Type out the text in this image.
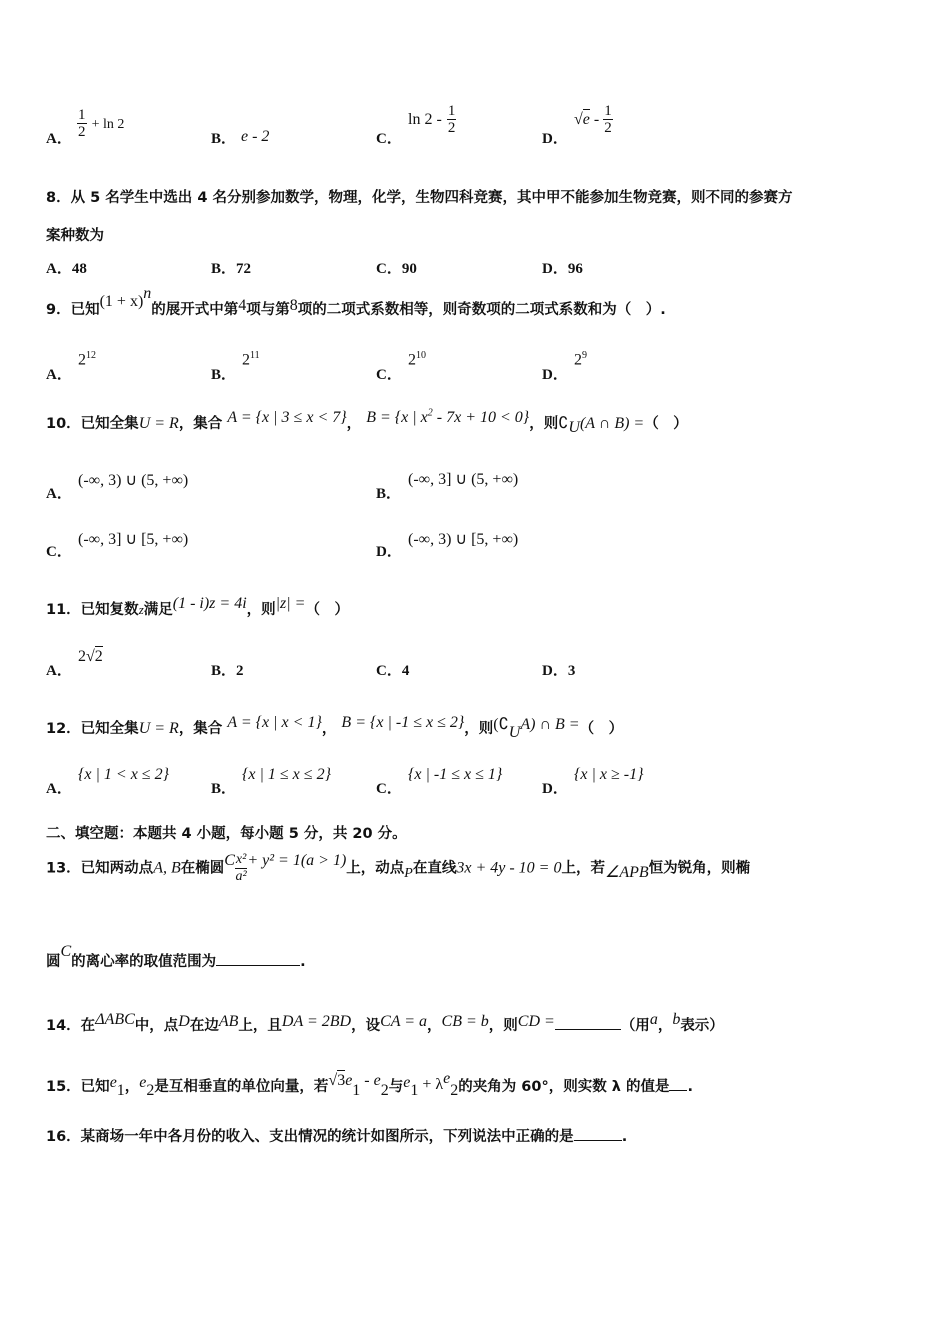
A． $\frac{1}{2} + \ln 2$
B． e - 2	C．
$\ln 2 - \frac{1}{2}$
D．
$√e - \frac{1}{2}$
8．从 5 名学生中选出 4 名分别参加数学，物理，化学，生物四科竞赛，其中甲不能参加生物竞赛，则不同的参赛方
案种数为
A．48	B．72	C．90	D．96
9．已知$(1 + x)^n$的展开式中第4项与第8项的二项式系数相等，则奇数项的二项式系数和为（　）.
A．
$2^{12}$
B．
$2^{11}$
C．
$2^{10}$
D．
$2^9$
10．已知全集U = R，集合 A = {x | 3 ≤ x < 7}， B = {x | $x^2 - 7x + 10 < 0$}，则$∁_U(A$ ∩ B) =（　）
A．
(-∞, 3) ∪ (5, +∞)
B．
(-∞, 3] ∪ (5, +∞)
C．
(-∞, 3] ∪ [5, +∞)
D．
(-∞, 3) ∪ [5, +∞)
11．已知复数z满足(1 - i)z = 4i，则|z| =（　）
A．
2√2
B．2	C．4	D．3
12．已知全集U = R，集合 A = {x | x < 1}， B = {x | -1 ≤ x ≤ 2}，则$(∁_UA)$ ∩ B =（　）
A．
{x | 1 < x ≤ 2}
B．
{x | 1 ≤ x ≤ 2}
C．
{x | -1 ≤ x ≤ 1}
D．
{x | x ≥ -1}
二、填空题：本题共 4 小题，每小题 5 分，共 20 分。
13．已知两动点A, B在椭圆C $\frac{\text{x²}}{\text{a²}} + y^2 = 1(a > 1)$上，动点P在直线3x + 4y - 10 = 0上，若∠APB恒为锐角，则椭
圆C的离心率的取值范围为	.
14．在ΔABC中，点D在边AB上，且DA = 2BD，设CA = a，CB = b，则CD =	（用a，b表示）
15．已知$e_1$，$e_2$是互相垂直的单位向量，若$√3e_1 - e_2$与$e_1 + \lambda e_2$的夹角为 60°，则实数 λ 的值是 .
16．某商场一年中各月份的收入、支出情况的统计如图所示，下列说法中正确的是	.
